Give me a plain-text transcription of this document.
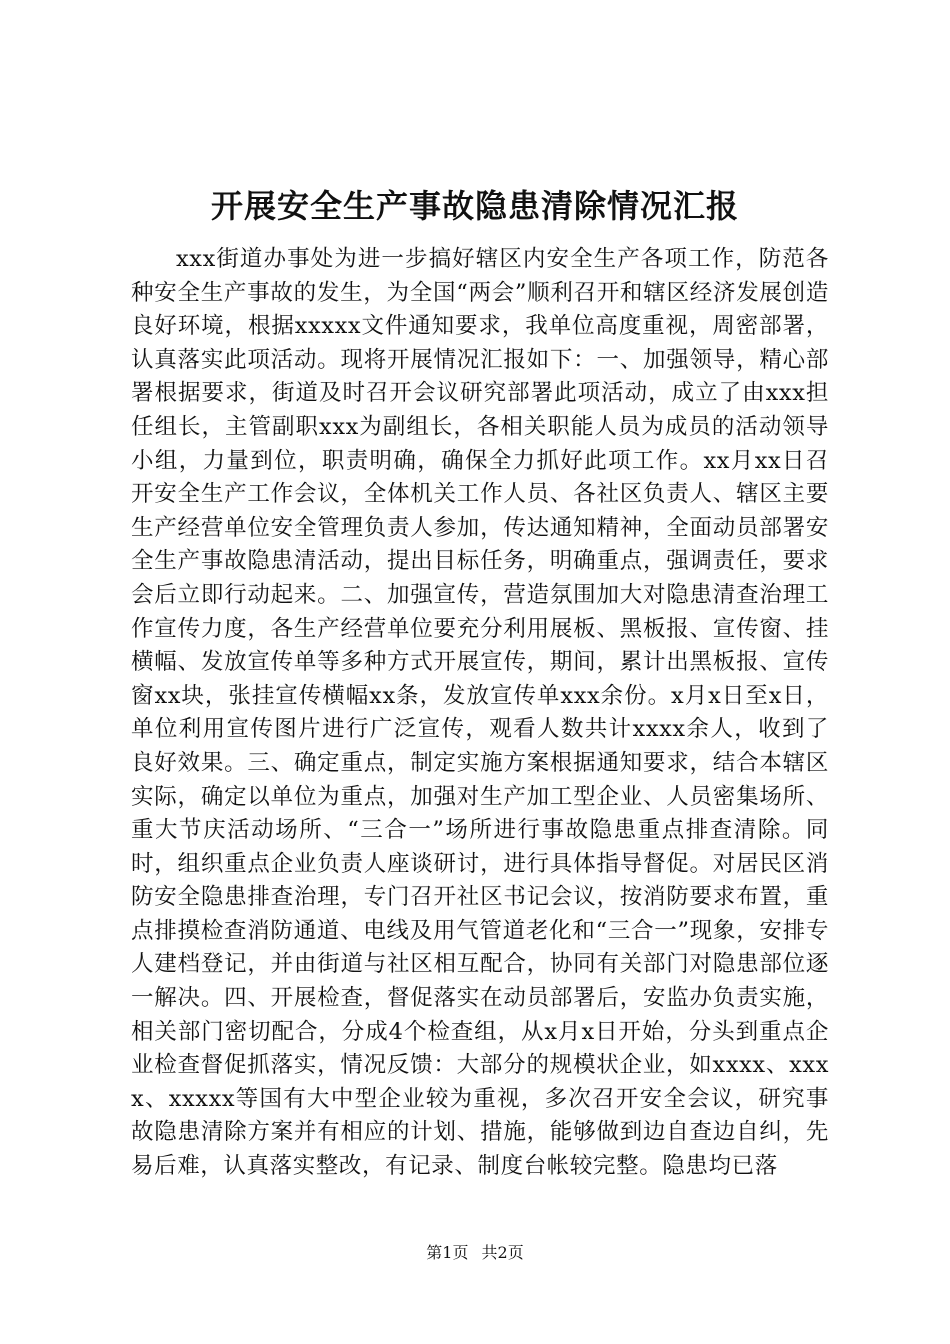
开展安全生产事故隐患清除情况汇报

xxx街道办事处为进一步搞好辖区内安全生产各项工作，防范各种安全生产事故的发生，为全国“两会”顺利召开和辖区经济发展创造良好环境，根据xxxxx文件通知要求，我单位高度重视，周密部署，认真落实此项活动。现将开展情况汇报如下：一、加强领导，精心部署根据要求，街道及时召开会议研究部署此项活动，成立了由xxx担任组长，主管副职xxx为副组长，各相关职能人员为成员的活动领导小组，力量到位，职责明确，确保全力抓好此项工作。xx月xx日召开安全生产工作会议，全体机关工作人员、各社区负责人、辖区主要生产经营单位安全管理负责人参加，传达通知精神，全面动员部署安全生产事故隐患清活动，提出目标任务，明确重点，强调责任，要求会后立即行动起来。二、加强宣传，营造氛围加大对隐患清查治理工作宣传力度，各生产经营单位要充分利用展板、黑板报、宣传窗、挂横幅、发放宣传单等多种方式开展宣传，期间，累计出黑板报、宣传窗xx块，张挂宣传横幅xx条，发放宣传单xxx余份。x月x日至x日，单位利用宣传图片进行广泛宣传，观看人数共计xxxx余人，收到了良好效果。三、确定重点，制定实施方案根据通知要求，结合本辖区实际，确定以单位为重点，加强对生产加工型企业、人员密集场所、重大节庆活动场所、“三合一”场所进行事故隐患重点排查清除。同时，组织重点企业负责人座谈研讨，进行具体指导督促。对居民区消防安全隐患排查治理，专门召开社区书记会议，按消防要求布置，重点排摸检查消防通道、电线及用气管道老化和“三合一”现象，安排专人建档登记，并由街道与社区相互配合，协同有关部门对隐患部位逐一解决。四、开展检查，督促落实在动员部署后，安监办负责实施，相关部门密切配合，分成4个检查组，从x月x日开始，分头到重点企业检查督促抓落实，情况反馈：大部分的规模状企业，如xxxx、xxxx、xxxxx等国有大中型企业较为重视，多次召开安全会议，研究事故隐患清除方案并有相应的计划、措施，能够做到边自查边自纠，先易后难，认真落实整改，有记录、制度台帐较完整。隐患均已落

第1页 共2页
